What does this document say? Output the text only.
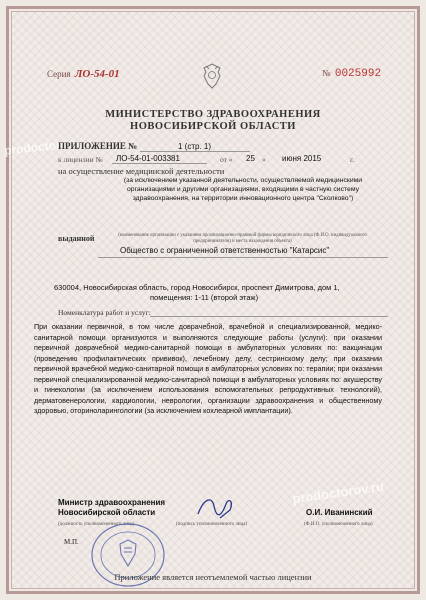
prodoctorov
Серия ЛО-54-01	№ 0025992
МИНИСТЕРСТВО ЗДРАВООХРАНЕНИЯ
НОВОСИБИРСКОЙ ОБЛАСТИ
ПРИЛОЖЕНИЕ №	1 (стр. 1)
к лицензии № ЛО-54-01-003381	от « 25 » июня 2015	г.
на осуществление медицинской деятельности
(за исключением указанной деятельности, осуществляемой медицинскими организациями и другими организациями, входящими в частную систему здравоохранения, на территории инновационного центра "Сколково")
выданной	(наименование организации с указанием организационно-правовой формы юридического лица (Ф.И.О. индивидуального предпринимателя) и места нахождения объекта)
Общество с ограниченной ответственностью "Катарсис"
630004, Новосибирская область, город Новосибирск, проспект Димитрова, дом 1,
помещения: 1-11 (второй этаж)
Номенклатура работ и услуг:
При оказании первичной, в том числе доврачебной, врачебной и специализированной, медико-санитарной помощи организуются и выполняются следующие работы (услуги): при оказании первичной доврачебной медико-санитарной помощи в амбулаторных условиях по: вакцинации (проведению профилактических прививок), лечебному делу, сестринскому делу; при оказании первичной врачебной медико-санитарной помощи в амбулаторных условиях по: терапии; при оказании первичной специализированной медико-санитарной помощи в амбулаторных условиях по: акушерству и гинекологии (за исключением использования вспомогательных репродуктивных технологий), дерматовенерологии, кардиологии, неврологии, организации здравоохранения и общественному здоровью, оториноларингологии (за исключением кохлеарной имплантации).
prodoctorov.ru
Министр здравоохранения
Новосибирской области
(должность уполномоченного лица)	(подпись уполномоченного лица)
О.И. Иванинский
(Ф.И.О. уполномоченного лица)
М.П.
Приложение является неотъемлемой частью лицензии
